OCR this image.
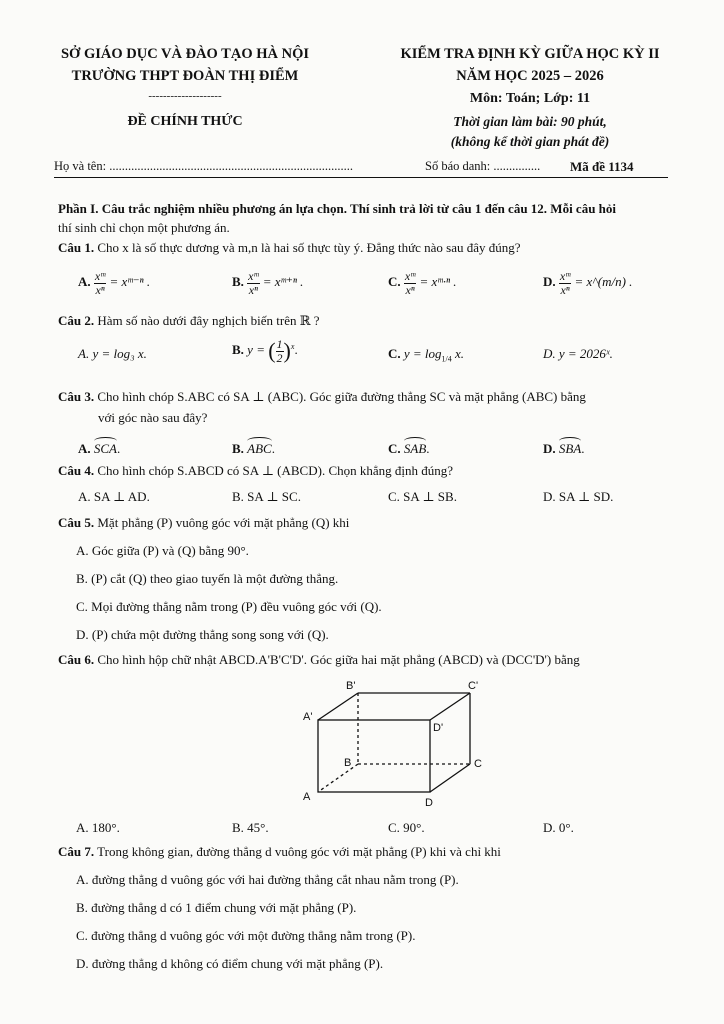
SỞ GIÁO DỤC VÀ ĐÀO TẠO HÀ NỘI
TRƯỜNG THPT ĐOÀN THỊ ĐIỂM
--------------------
ĐỀ CHÍNH THỨC
KIỂM TRA ĐỊNH KỲ GIỮA HỌC KỲ II
NĂM HỌC 2025 – 2026
Môn: Toán; Lớp: 11
Thời gian làm bài: 90 phút,
(không kể thời gian phát đề)
Họ và tên: ..............................................................................	Số báo danh: ............... Mã đề 1134
Phần I. Câu trắc nghiệm nhiều phương án lựa chọn. Thí sinh trả lời từ câu 1 đến câu 12. Mỗi câu hỏi
thí sinh chỉ chọn một phương án.
Câu 1. Cho x là số thực dương và m,n là hai số thực tùy ý. Đẳng thức nào sau đây đúng?
A. $\frac{\text{xᵐ}}{\text{xⁿ}}$ = xᵐ⁻ⁿ .	B. $\frac{\text{xᵐ}}{\text{xⁿ}}$ = xᵐ⁺ⁿ .	C. $\frac{\text{xᵐ}}{\text{xⁿ}}$ = xᵐ·ⁿ .	D. $\frac{\text{xᵐ}}{\text{xⁿ}}$ = x^(m/n) .
Câu 2. Hàm số nào dưới đây nghịch biến trên ℝ ?
A. y = log₃ x.	B. y = ( $\frac{1}{2} )^x$.	C. $y = \log_{1/4} x$.	D. y = 2026ˣ.
Câu 3. Cho hình chóp S.ABC có SA ⊥ (ABC). Góc giữa đường thẳng SC và mặt phẳng (ABC) bằng
với góc nào sau đây?
A. SCA.	B. ABC.	C. SAB.	D. SBA.
Câu 4. Cho hình chóp S.ABCD có SA ⊥ (ABCD). Chọn khẳng định đúng?
A. SA ⊥ AD.	B. SA ⊥ SC.	C. SA ⊥ SB.	D. SA ⊥ SD.
Câu 5. Mặt phẳng (P) vuông góc với mặt phẳng (Q) khi
A. Góc giữa (P) và (Q) bằng 90°.
B. (P) cắt (Q) theo giao tuyến là một đường thẳng.
C. Mọi đường thẳng nằm trong (P) đều vuông góc với (Q).
D. (P) chứa một đường thẳng song song với (Q).
Câu 6. Cho hình hộp chữ nhật ABCD.A'B'C'D'. Góc giữa hai mặt phẳng (ABCD) và (DCC'D') bằng
B'	C'
A'
D'
B	C
A	D
A. 180°.	B. 45°.	C. 90°.	D. 0°.
Câu 7. Trong không gian, đường thẳng d vuông góc với mặt phẳng (P) khi và chỉ khi
A. đường thẳng d vuông góc với hai đường thẳng cắt nhau nằm trong (P).
B. đường thẳng d có 1 điểm chung với mặt phẳng (P).
C. đường thẳng d vuông góc với một đường thẳng nằm trong (P).
D. đường thẳng d không có điểm chung với mặt phẳng (P).
